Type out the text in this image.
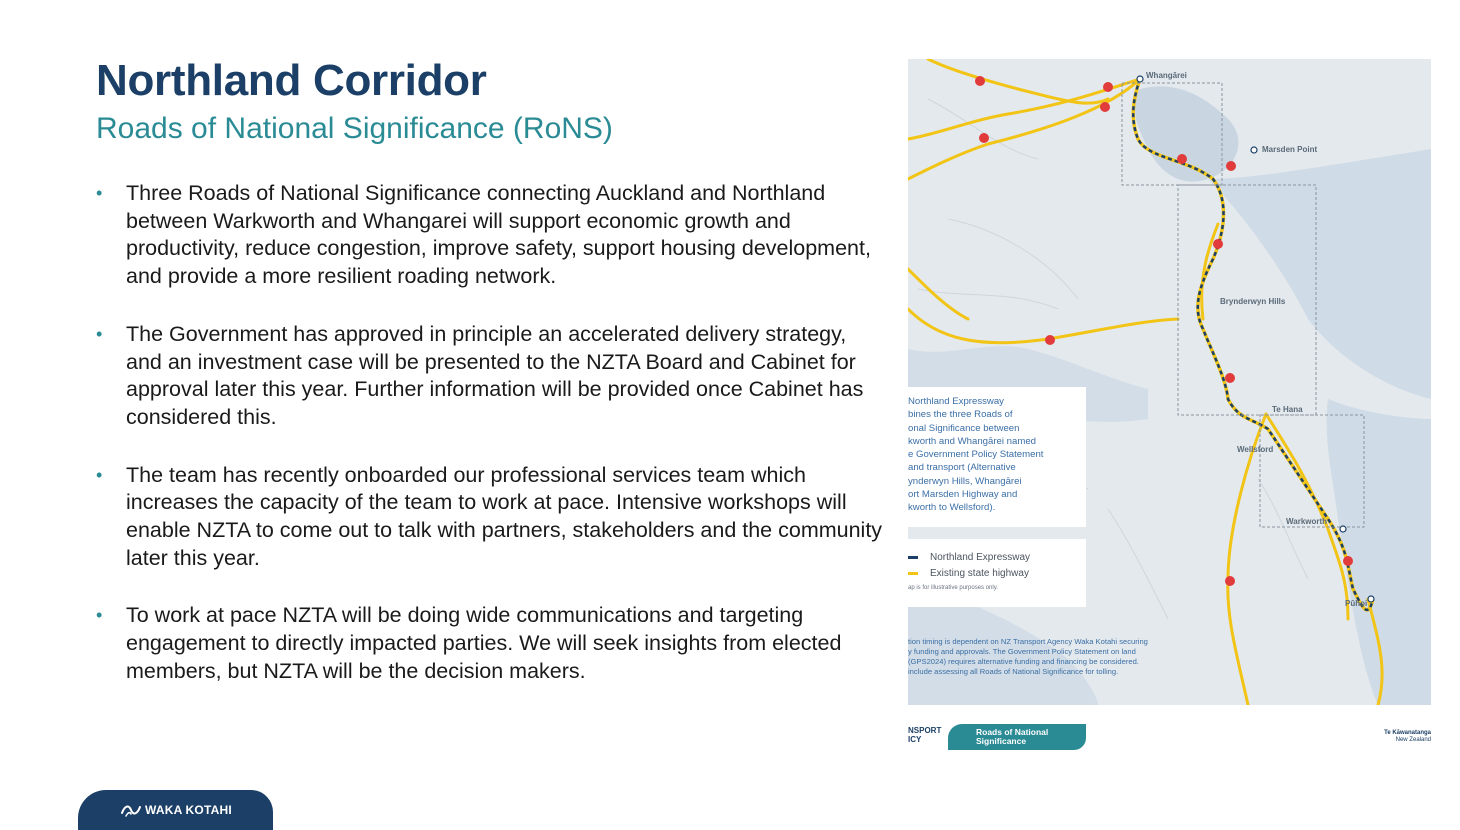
Northland Corridor
Roads of National Significance (RoNS)
• Three Roads of National Significance connecting Auckland and Northland between Warkworth and Whangarei will support economic growth and productivity, reduce congestion, improve safety, support housing development, and provide a more resilient roading network.
• The Government has approved in principle an accelerated delivery strategy, and an investment case will be presented to the NZTA Board and Cabinet for approval later this year. Further information will be provided once Cabinet has considered this.
• The team has recently onboarded our professional services team which increases the capacity of the team to work at pace. Intensive workshops will enable NZTA to come out to talk with partners, stakeholders and the community later this year.
• To work at pace NZTA will be doing wide communications and targeting engagement to directly impacted parties. We will seek insights from elected members, but NZTA will be the decision makers.
Whangārei
Marsden Point
Brynderwyn Hills
Te Hana
Wellsford
Warkworth
Pūhoi
Northland Expressway
bines the three Roads of
onal Significance between
kworth and Whangārei named
e Government Policy Statement
and transport (Alternative
ynderwyn Hills, Whangārei
ort Marsden Highway and
kworth to Wellsford).
Northland Expressway
Existing state highway
ap is for illustrative purposes only.
tion timing is dependent on NZ Transport Agency Waka Kotahi securing
y funding and approvals. The Government Policy Statement on land
(GPS2024) requires alternative funding and financing be considered.
include assessing all Roads of National Significance for tolling.
NSPORT
ICY
Roads of National
Significance
Te Kāwanatanga
New Zealand
WAKA KOTAHI
